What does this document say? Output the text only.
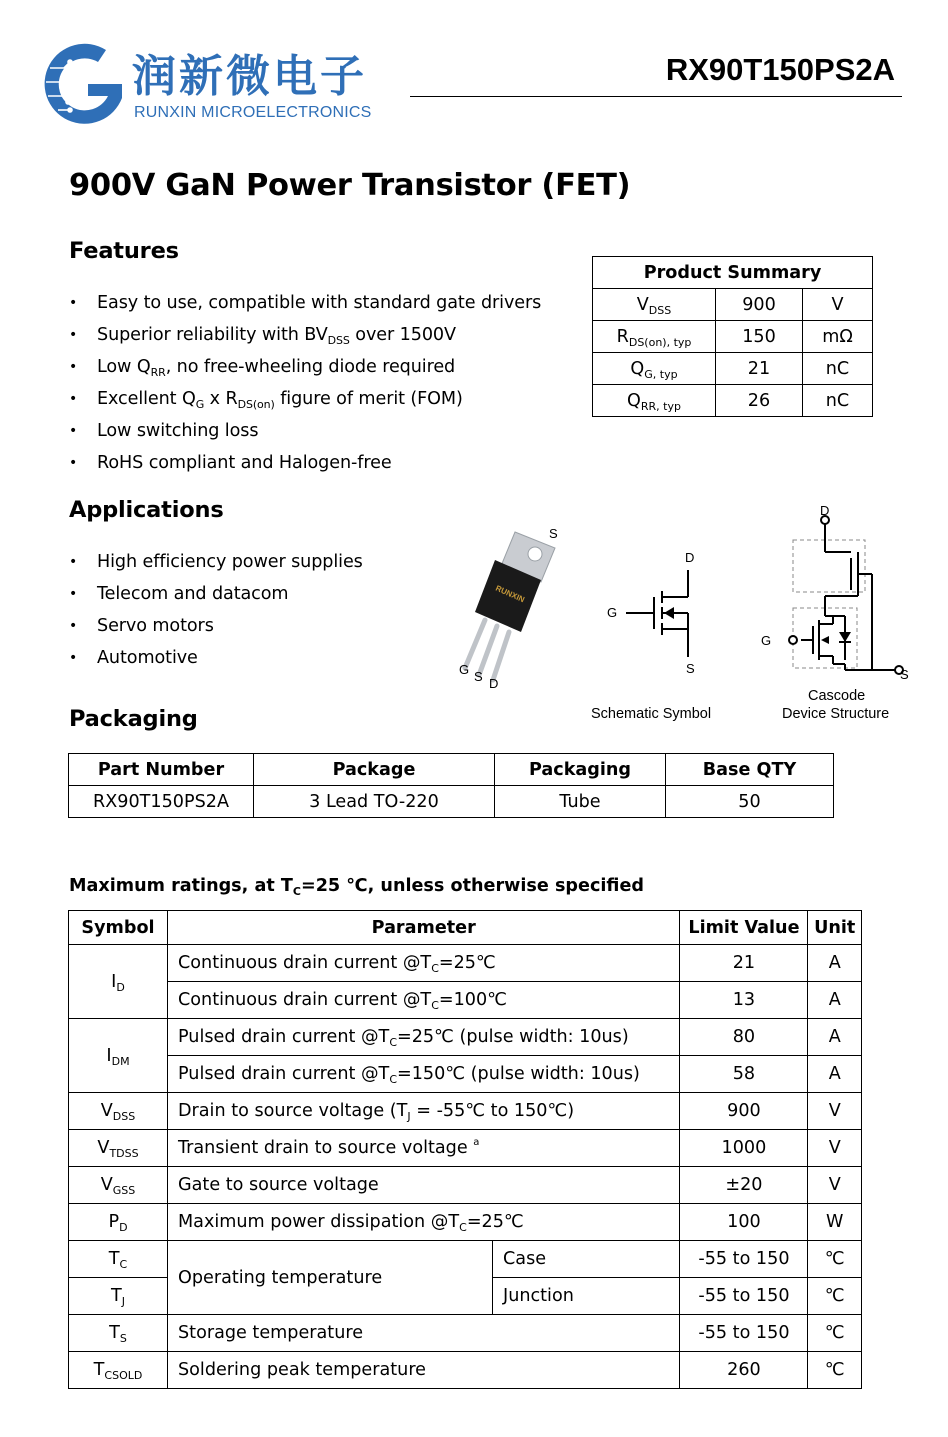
润新微电子
RUNXIN MICROELECTRONICS
RX90T150PS2A
900V GaN Power Transistor (FET)
Features
• Easy to use, compatible with standard gate drivers
• Superior reliability with $BV_{DSS}$ over 1500V
• Low $Q_{RR}$, no free-wheeling diode required
• Excellent $Q_G$ x $R_{DS(on)}$ figure of merit (FOM)
• Low switching loss
• RoHS compliant and Halogen-free
Product Summary		
$V_{DSS}$	900	V
$R_{DS(on), typ}$	150	mΩ
$Q_{G, typ}$	21	nC
$Q_{RR, typ}$	26	nC
Applications
• High efficiency power supplies
• Telecom and datacom
• Servo motors
• Automotive
RUNXIN
S
G S D
G
D
S
Schematic Symbol
D
G
S
Cascode
Device Structure
Packaging
Part Number	Package	Packaging	Base QTY
RX90T150PS2A	3 Lead TO-220	Tube	50
Maximum ratings, at $T_C=25$ ℃, unless otherwise specified
Symbol	Parameter		Limit Value	Unit
$I_D$	Continuous drain current $@T_C=25℃$		21	A
	Continuous drain current $@T_C=100℃$		13	A
$I_{DM}$	Pulsed drain current $@T_C=25℃$ (pulse width: 10us)		80	A
	Pulsed drain current $@T_C=150℃$ (pulse width: 10us)		58	A
$V_{DSS}$	Drain to source voltage ($T_J$ = -55℃ to 150℃)		900	V
$V_{TDSS}$	Transient drain to source voltage $^a$		1000	V
$V_{GSS}$	Gate to source voltage		±20	V
$P_D$	Maximum power dissipation $@T_C=25℃$		100	W
$T_C$	Operating temperature	Case	-55 to 150	℃
$T_J$		Junction	-55 to 150	℃
$T_S$	Storage temperature		-55 to 150	℃
$T_{CSOLD}$	Soldering peak temperature		260	℃
